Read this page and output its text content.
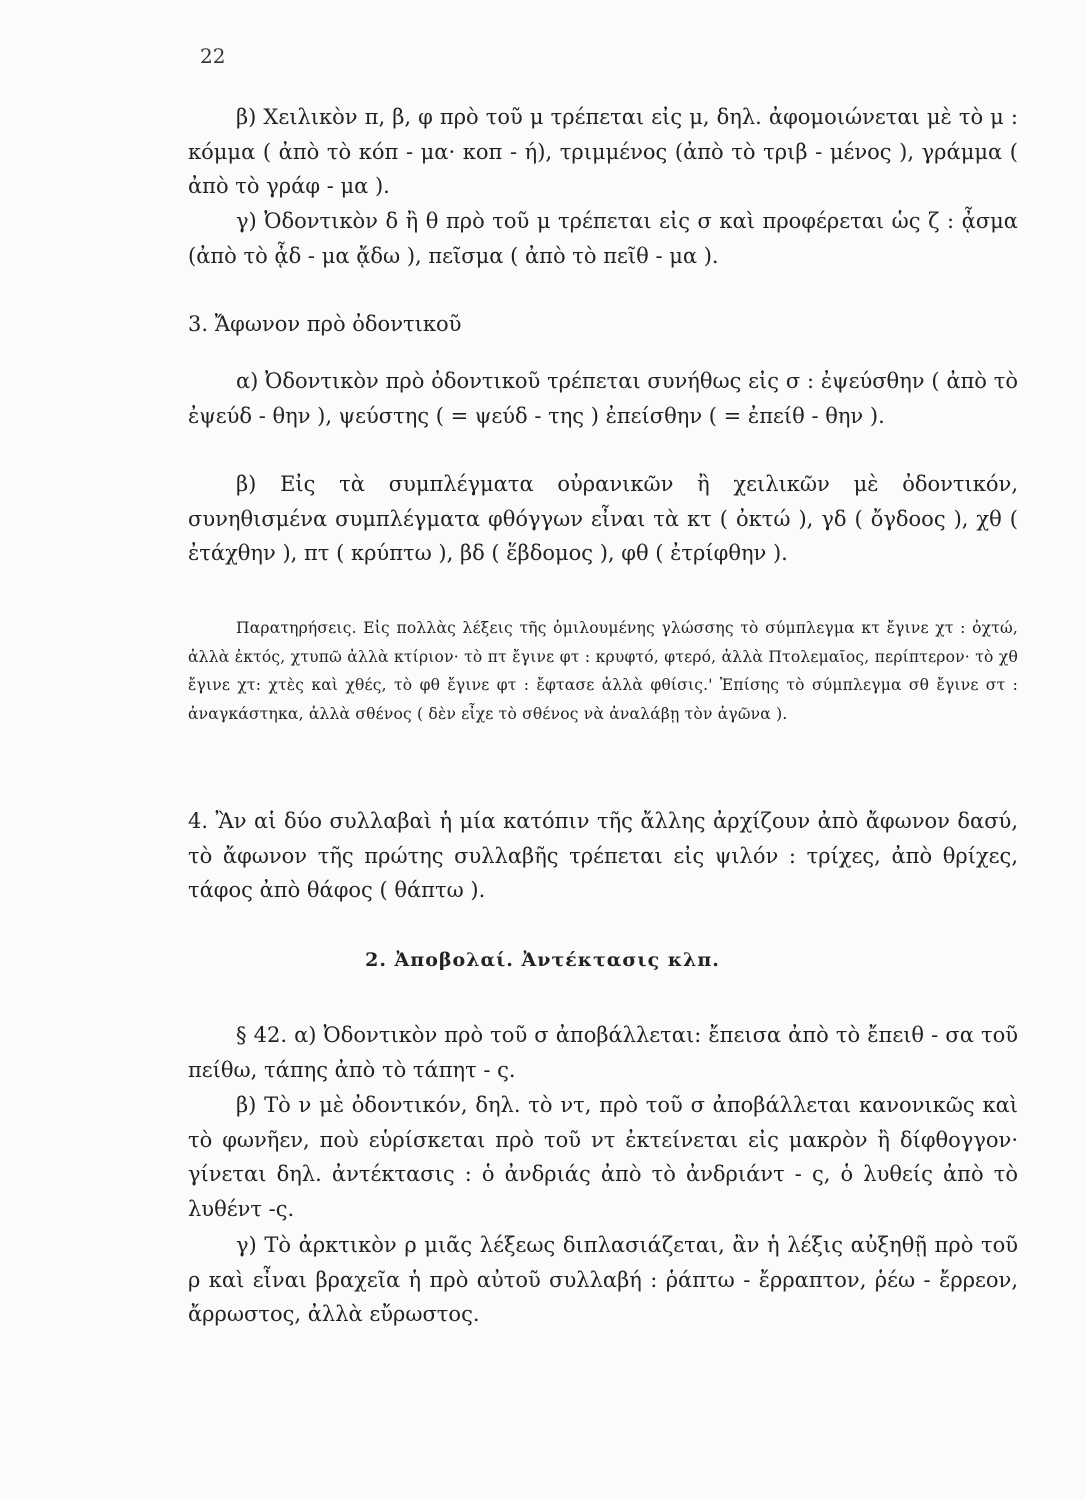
22
β) Χειλικὸν π, β, φ πρὸ τοῦ μ τρέπεται εἰς μ, δηλ. ἀφομοιώνεται μὲ τὸ μ : κόμμα ( ἀπὸ τὸ κόπ - μα· κοπ - ή), τριμμένος (ἀπὸ τὸ τριβ - μένος ), γράμμα ( ἀπὸ τὸ γράφ - μα ).
γ) Ὀδοντικὸν δ ἢ θ πρὸ τοῦ μ τρέπεται εἰς σ καὶ προφέρεται ὡς ζ : ᾆσμα (ἀπὸ τὸ ᾆδ - μα ᾄδω ), πεῖσμα ( ἀπὸ τὸ πεῖθ - μα ).
3. Ἄφωνον πρὸ ὀδοντικοῦ
α) Ὀδοντικὸν πρὸ ὀδοντικοῦ τρέπεται συνήθως εἰς σ : ἐψεύσθην ( ἀπὸ τὸ ἐψεύδ - θην ), ψεύστης ( = ψεύδ - της ) ἐπείσθην ( = ἐπείθ - θην ).
β) Εἰς τὰ συμπλέγματα οὐρανικῶν ἢ χειλικῶν μὲ ὀδοντικόν, συνηθισμένα συμπλέγματα φθόγγων εἶναι τὰ κτ ( ὀκτώ ), γδ ( ὄγδοος ), χθ ( ἐτάχθην ), πτ ( κρύπτω ), βδ ( ἕβδομος ), φθ ( ἐτρίφθην ).
Παρατηρήσεις. Εἰς πολλὰς λέξεις τῆς ὁμιλουμένης γλώσσης τὸ σύμπλεγμα κτ ἔγινε χτ : ὀχτώ, ἀλλὰ ἐκτός, χτυπῶ ἀλλὰ κτίριον· τὸ πτ ἔγινε φτ : κρυφτό, φτερό, ἀλλὰ Πτολεμαῖος, περίπτερον· τὸ χθ ἔγινε χτ: χτὲς καὶ χθές, τὸ φθ ἔγινε φτ : ἔφτασε ἀλλὰ φθίσις.' Ἐπίσης τὸ σύμπλεγμα σθ ἔγινε στ : ἀναγκάστηκα, ἀλλὰ σθένος ( δὲν εἶχε τὸ σθένος νὰ ἀναλάβῃ τὸν ἀγῶνα ).
4. Ἂν αἱ δύο συλλαβαὶ ἡ μία κατόπιν τῆς ἄλλης ἀρχίζουν ἀπὸ ἄφωνον δασύ, τὸ ἄφωνον τῆς πρώτης συλλαβῆς τρέπεται εἰς ψιλόν : τρίχες, ἀπὸ θρίχες, τάφος ἀπὸ θάφος ( θάπτω ).
2. Ἀποβολαί. Ἀντέκτασις κλπ.
§ 42. α) Ὀδοντικὸν πρὸ τοῦ σ ἀποβάλλεται: ἔπεισα ἀπὸ τὸ ἔπειθ - σα τοῦ πείθω, τάπης ἀπὸ τὸ τάπητ - ς.
β) Τὸ ν μὲ ὀδοντικόν, δηλ. τὸ ντ, πρὸ τοῦ σ ἀποβάλλεται κανονικῶς καὶ τὸ φωνῆεν, ποὺ εὑρίσκεται πρὸ τοῦ ντ ἐκτείνεται εἰς μακρὸν ἢ δίφθογγον· γίνεται δηλ. ἀντέκτασις : ὁ ἀνδριάς ἀπὸ τὸ ἀνδριάντ - ς, ὁ λυθείς ἀπὸ τὸ λυθέντ -ς.
γ) Τὸ ἀρκτικὸν ρ μιᾶς λέξεως διπλασιάζεται, ἂν ἡ λέξις αὐξηθῇ πρὸ τοῦ ρ καὶ εἶναι βραχεῖα ἡ πρὸ αὐτοῦ συλλαβή : ῥάπτω - ἔρραπτον, ῥέω - ἔρρεον, ἄρρωστος, ἀλλὰ εὔρωστος.
